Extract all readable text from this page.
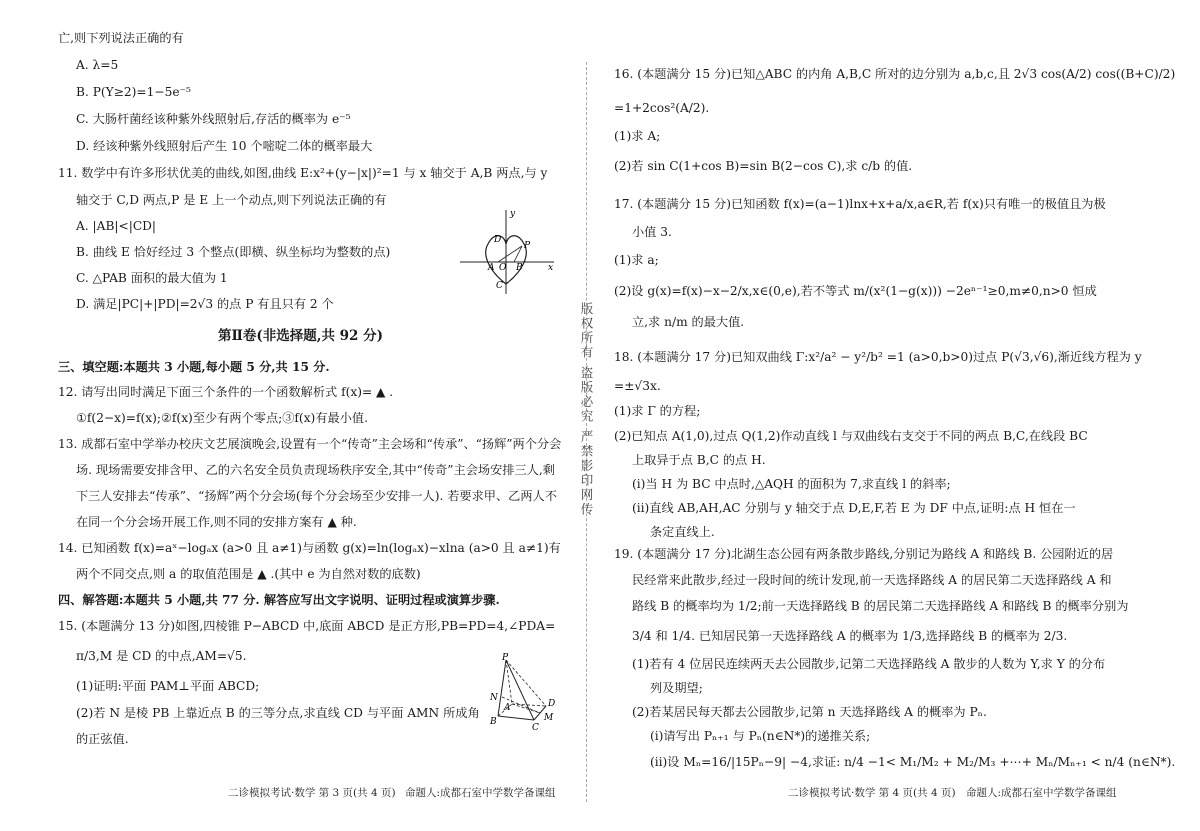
亡,则下列说法正确的有
A. λ=5
B. P(Y≥2)=1−5e⁻⁵
C. 大肠杆菌经该种紫外线照射后,存活的概率为 e⁻⁵
D. 经该种紫外线照射后产生 10 个嘧啶二体的概率最大
11. 数学中有许多形状优美的曲线,如图,曲线 E:x²+(y−|x|)²=1 与 x 轴交于 A,B 两点,与 y
轴交于 C,D 两点,P 是 E 上一个动点,则下列说法正确的有
A. |AB|<|CD|
B. 曲线 E 恰好经过 3 个整点(即横、纵坐标均为整数的点)
C. △PAB 面积的最大值为 1
D. 满足|PC|+|PD|=2√3 的点 P 有且只有 2 个
第Ⅱ卷(非选择题,共 92 分)
三、填空题:本题共 3 小题,每小题 5 分,共 15 分.
12. 请写出同时满足下面三个条件的一个函数解析式 f(x)= ▲ .
①f(2−x)=f(x);②f(x)至少有两个零点;③f(x)有最小值.
13. 成都石室中学举办校庆文艺展演晚会,设置有一个“传奇”主会场和“传承”、“扬辉”两个分会
场. 现场需要安排含甲、乙的六名安全员负责现场秩序安全,其中“传奇”主会场安排三人,剩
下三人安排去“传承”、“扬辉”两个分会场(每个分会场至少安排一人). 若要求甲、乙两人不
在同一个分会场开展工作,则不同的安排方案有 ▲ 种.
14. 已知函数 f(x)=aˣ−logₐx (a>0 且 a≠1)与函数 g(x)=ln(logₐx)−xlna (a>0 且 a≠1)有
两个不同交点,则 a 的取值范围是 ▲ .(其中 e 为自然对数的底数)
四、解答题:本题共 5 小题,共 77 分. 解答应写出文字说明、证明过程或演算步骤.
15. (本题满分 13 分)如图,四棱锥 P−ABCD 中,底面 ABCD 是正方形,PB=PD=4,∠PDA=
π/3,M 是 CD 的中点,AM=√5.
(1)证明:平面 PAM⊥平面 ABCD;
(2)若 N 是棱 PB 上靠近点 B 的三等分点,求直线 CD 与平面 AMN 所成角
的正弦值.
y
D
P
A O B	x
C
P
N
A	D
B	M
C
二诊模拟考试·数学 第 3 页(共 4 页) 命题人:成都石室中学数学备课组
版权所有 盗版必究 严禁影印网传
16. (本题满分 15 分)已知△ABC 的内角 A,B,C 所对的边分别为 a,b,c,且 2√3 cos(A/2) cos((B+C)/2)
=1+2cos²(A/2).
(1)求 A;
(2)若 sin C(1+cos B)=sin B(2−cos C),求 c/b 的值.
17. (本题满分 15 分)已知函数 f(x)=(a−1)lnx+x+a/x,a∈R,若 f(x)只有唯一的极值且为极
小值 3.
(1)求 a;
(2)设 g(x)=f(x)−x−2/x,x∈(0,e),若不等式 m/(x²(1−g(x))) −2eⁿ⁻¹≥0,m≠0,n>0 恒成
立,求 n/m 的最大值.
18. (本题满分 17 分)已知双曲线 Γ:x²/a² − y²/b² =1 (a>0,b>0)过点 P(√3,√6),渐近线方程为 y
=±√3x.
(1)求 Γ 的方程;
(2)已知点 A(1,0),过点 Q(1,2)作动直线 l 与双曲线右支交于不同的两点 B,C,在线段 BC
上取异于点 B,C 的点 H.
(ⅰ)当 H 为 BC 中点时,△AQH 的面积为 7,求直线 l 的斜率;
(ⅱ)直线 AB,AH,AC 分别与 y 轴交于点 D,E,F,若 E 为 DF 中点,证明:点 H 恒在一
条定直线上.
19. (本题满分 17 分)北湖生态公园有两条散步路线,分别记为路线 A 和路线 B. 公园附近的居
民经常来此散步,经过一段时间的统计发现,前一天选择路线 A 的居民第二天选择路线 A 和
路线 B 的概率均为 1/2;前一天选择路线 B 的居民第二天选择路线 A 和路线 B 的概率分别为
3/4 和 1/4. 已知居民第一天选择路线 A 的概率为 1/3,选择路线 B 的概率为 2/3.
(1)若有 4 位居民连续两天去公园散步,记第二天选择路线 A 散步的人数为 Y,求 Y 的分布
列及期望;
(2)若某居民每天都去公园散步,记第 n 天选择路线 A 的概率为 Pₙ.
(ⅰ)请写出 Pₙ₊₁ 与 Pₙ(n∈N*)的递推关系;
(ⅱ)设 Mₙ=16/|15Pₙ−9| −4,求证: n/4 −1< M₁/M₂ + M₂/M₃ +⋯+ Mₙ/Mₙ₊₁ < n/4 (n∈N*).
二诊模拟考试·数学 第 4 页(共 4 页) 命题人:成都石室中学数学备课组
